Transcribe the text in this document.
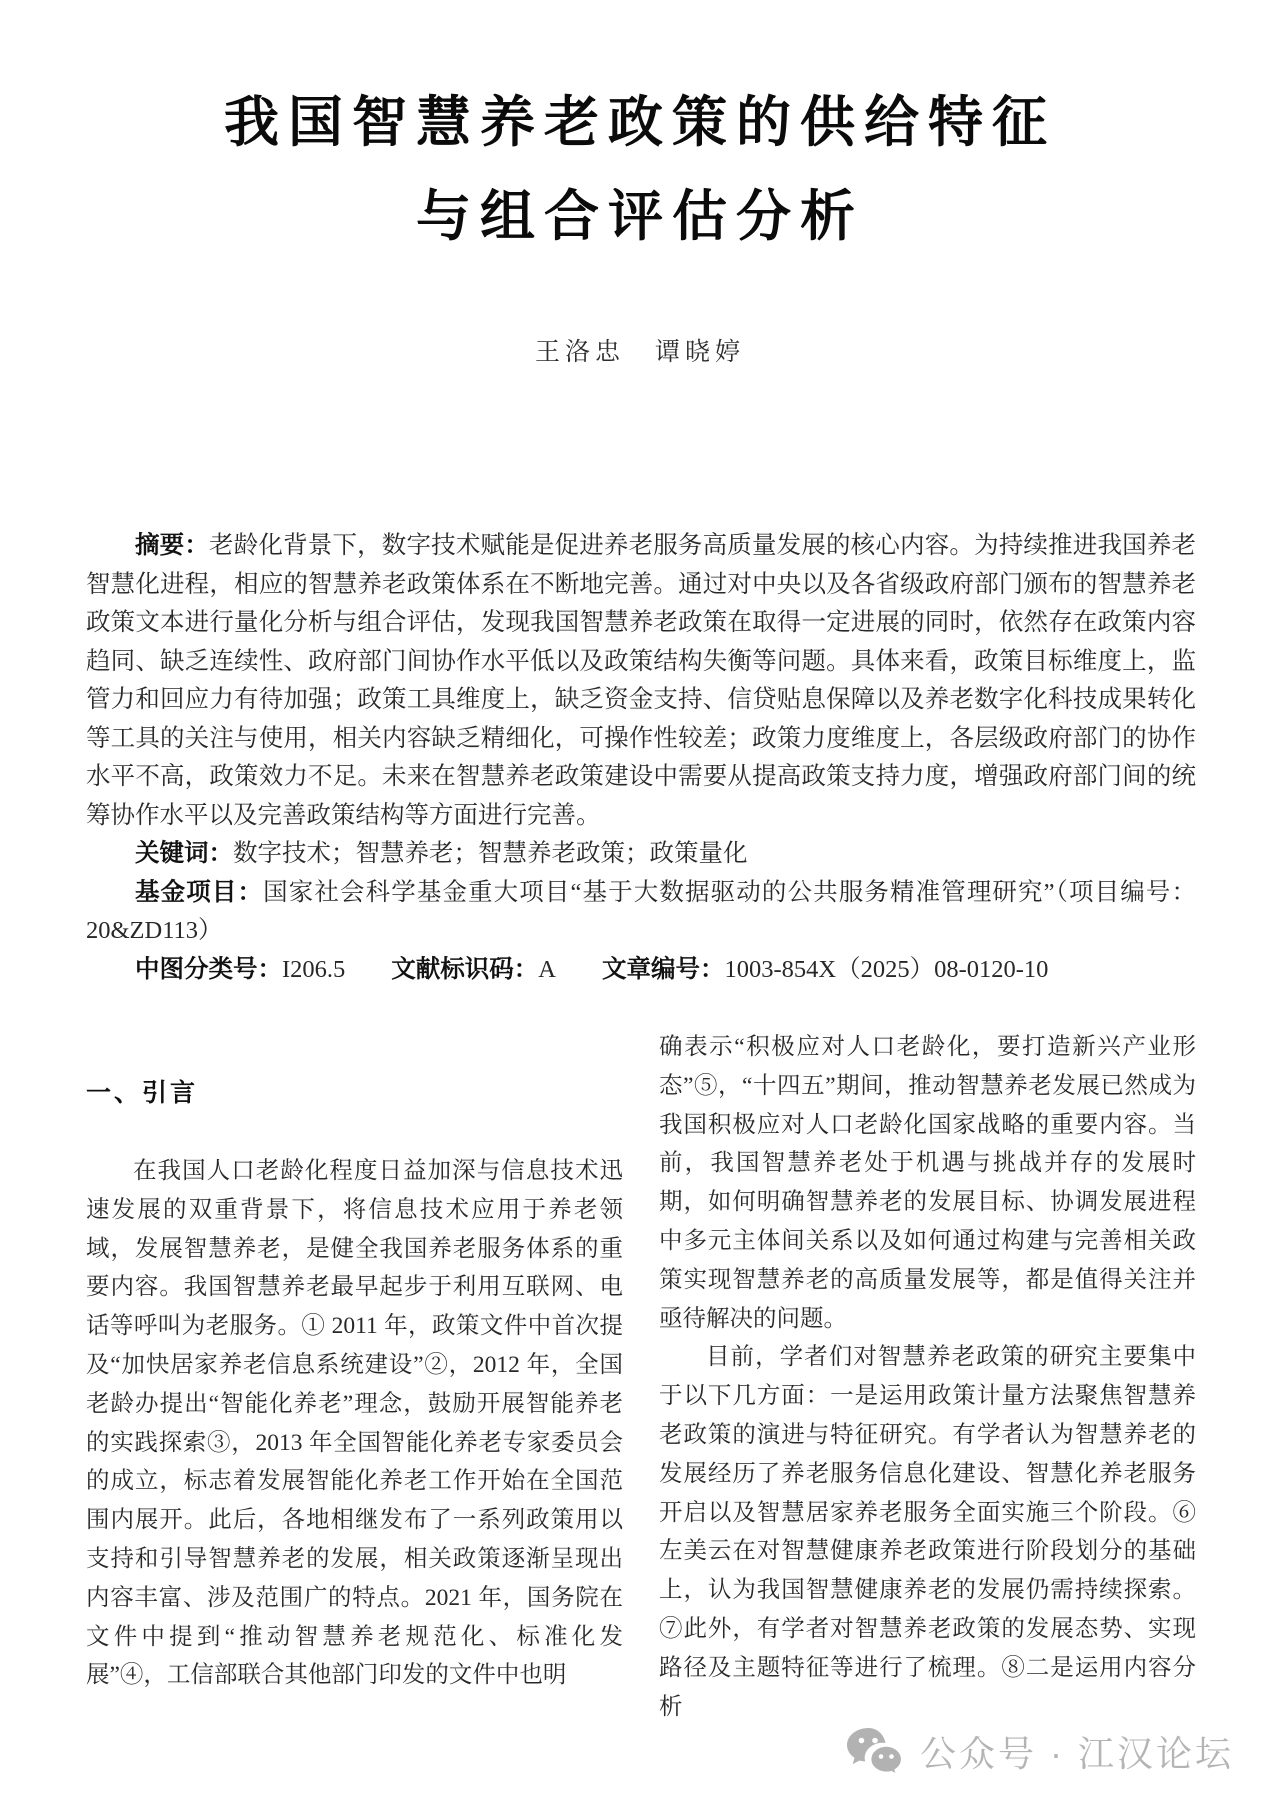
我国智慧养老政策的供给特征
与组合评估分析
王洛忠　谭晓婷

摘要：老龄化背景下，数字技术赋能是促进养老服务高质量发展的核心内容。为持续推进我国养老智慧化进程，相应的智慧养老政策体系在不断地完善。通过对中央以及各省级政府部门颁布的智慧养老政策文本进行量化分析与组合评估，发现我国智慧养老政策在取得一定进展的同时，依然存在政策内容趋同、缺乏连续性、政府部门间协作水平低以及政策结构失衡等问题。具体来看，政策目标维度上，监管力和回应力有待加强；政策工具维度上，缺乏资金支持、信贷贴息保障以及养老数字化科技成果转化等工具的关注与使用，相关内容缺乏精细化，可操作性较差；政策力度维度上，各层级政府部门的协作水平不高，政策效力不足。未来在智慧养老政策建设中需要从提高政策支持力度，增强政府部门间的统筹协作水平以及完善政策结构等方面进行完善。

关键词：数字技术；智慧养老；智慧养老政策；政策量化

基金项目：国家社会科学基金重大项目“基于大数据驱动的公共服务精准管理研究”（项目编号：20&ZD113）

中图分类号：I206.5 文献标识码：A 文章编号：1003-854X（2025）08-0120-10

一、引言

在我国人口老龄化程度日益加深与信息技术迅速发展的双重背景下，将信息技术应用于养老领域，发展智慧养老，是健全我国养老服务体系的重要内容。我国智慧养老最早起步于利用互联网、电话等呼叫为老服务。① 2011 年，政策文件中首次提及“加快居家养老信息系统建设”②，2012 年，全国老龄办提出“智能化养老”理念，鼓励开展智能养老的实践探索③，2013 年全国智能化养老专家委员会的成立，标志着发展智能化养老工作开始在全国范围内展开。此后，各地相继发布了一系列政策用以支持和引导智慧养老的发展，相关政策逐渐呈现出内容丰富、涉及范围广的特点。2021 年，国务院在文件中提到“推动智慧养老规范化、标准化发展”④，工信部联合其他部门印发的文件中也明

确表示“积极应对人口老龄化，要打造新兴产业形态”⑤，“十四五”期间，推动智慧养老发展已然成为我国积极应对人口老龄化国家战略的重要内容。当前，我国智慧养老处于机遇与挑战并存的发展时期，如何明确智慧养老的发展目标、协调发展进程中多元主体间关系以及如何通过构建与完善相关政策实现智慧养老的高质量发展等，都是值得关注并亟待解决的问题。

目前，学者们对智慧养老政策的研究主要集中于以下几方面：一是运用政策计量方法聚焦智慧养老政策的演进与特征研究。有学者认为智慧养老的发展经历了养老服务信息化建设、智慧化养老服务开启以及智慧居家养老服务全面实施三个阶段。⑥左美云在对智慧健康养老政策进行阶段划分的基础上，认为我国智慧健康养老的发展仍需持续探索。⑦此外，有学者对智慧养老政策的发展态势、实现路径及主题特征等进行了梳理。⑧二是运用内容分析

公众号 · 江汉论坛
